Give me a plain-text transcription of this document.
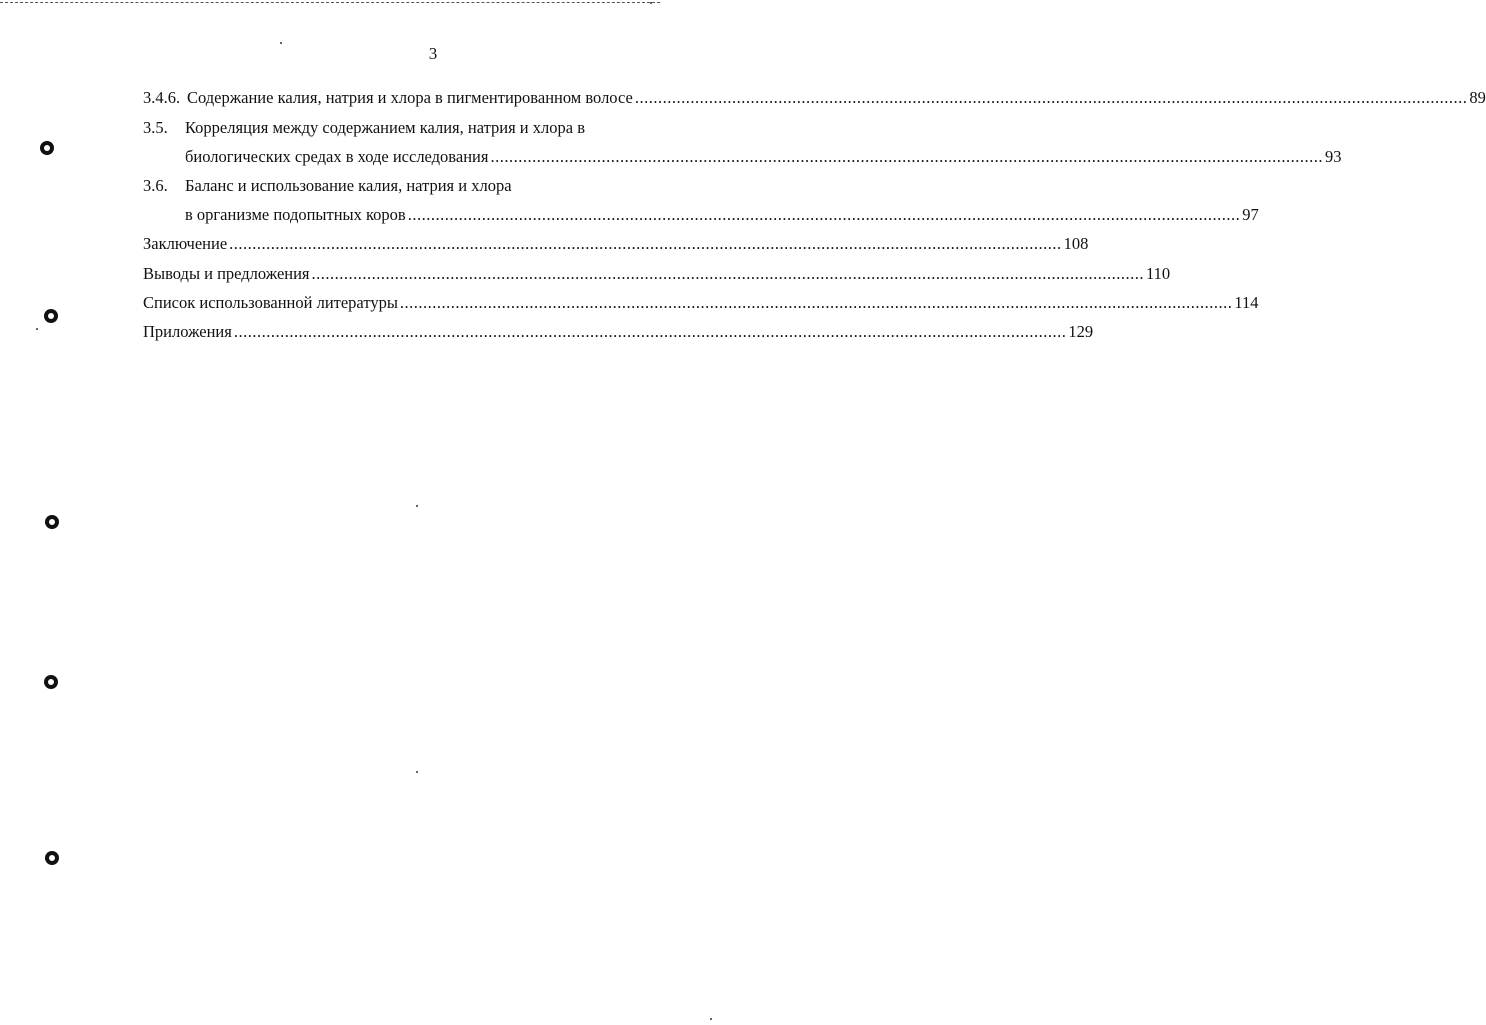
3
3.4.6. Содержание калия, натрия и хлора в пигментированном волосе .....	89
3.5.	Корреляция между содержанием калия, натрия и хлора в
биологических средах в ходе исследования .....	93
3.6.	Баланс и использование калия, натрия и хлора
в организме подопытных коров .....	97
Заключение .....	108
Выводы и предложения .....	110
Список использованной литературы .....	114
Приложения .....	129
